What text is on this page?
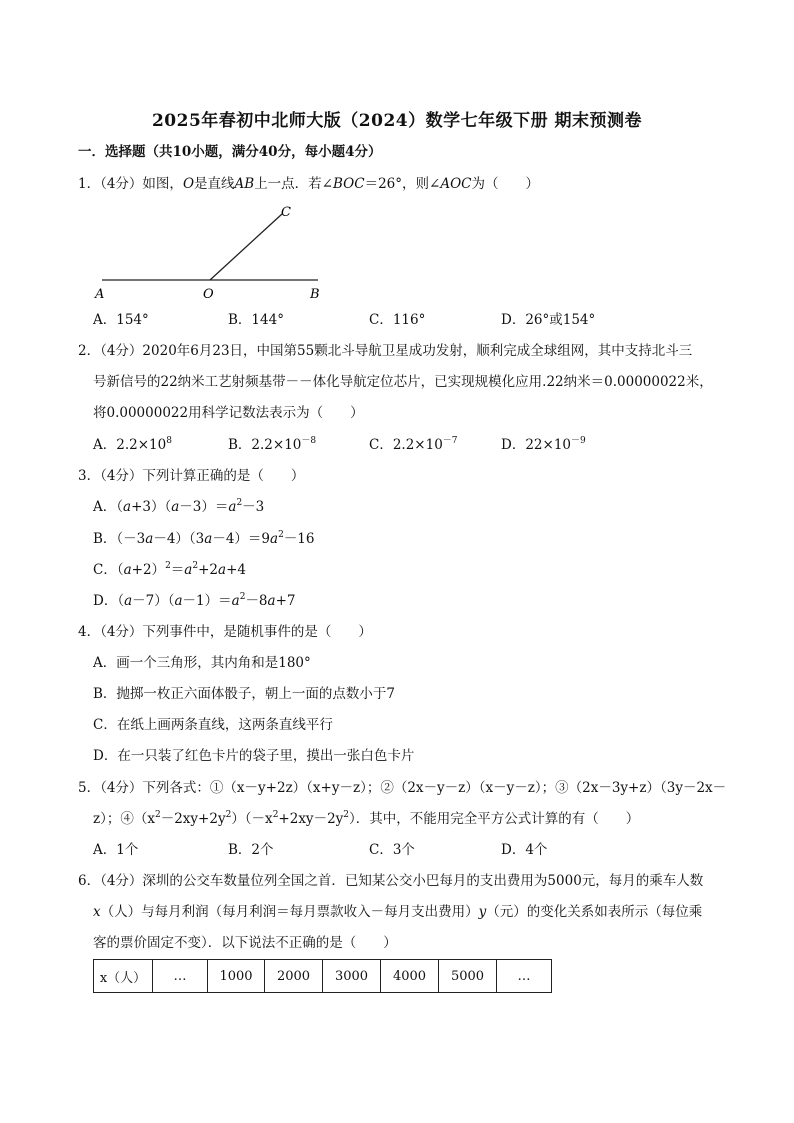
2025年春初中北师大版（2024）数学七年级下册 期末预测卷
一．选择题（共10小题，满分40分，每小题4分）
1．（4分）如图，O是直线AB上一点．若∠BOC＝26°，则∠AOC为（　　）
A	O	B
C
A．154°	B．144°	C．116°	D．26°或154°
2．（4分）2020年6月23日，中国第55颗北斗导航卫星成功发射，顺利完成全球组网，其中支持北斗三
号新信号的22纳米工艺射频基带－－体化导航定位芯片，已实现规模化应用.22纳米＝0.00000022米，
将0.00000022用科学记数法表示为（　　）
A．$2.2\times 10^8$	B．$2.2\times 10^{-8}$	C．$2.2\times 10^{-7}$	D．$22\times 10^{-9}$
3．（4分）下列计算正确的是（　　）
A．$(a+3)(a-3)=a^2-3$
B．$(-3a-4)(3a-4)=9a^2-16$
C．$(a+2)^2=a^2+2a+4$
D．$(a-7)(a-1)=a^2-8a+7$
4．（4分）下列事件中，是随机事件的是（　　）
A．画一个三角形，其内角和是180°
B．抛掷一枚正六面体骰子，朝上一面的点数小于7
C．在纸上画两条直线，这两条直线平行
D．在一只装了红色卡片的袋子里，摸出一张白色卡片
5．（4分）下列各式：①（x－y+2z）（x+y－z）；②（2x－y－z）（x－y－z）；③（2x－3y+z）（3y－2x－
z）；$④(x^2-2xy+2y^2)(-x^2+2xy-2y^2)$．其中，不能用完全平方公式计算的有（　　）
A．1个	B．2个	C．3个	D．4个
6．（4分）深圳的公交车数量位列全国之首．已知某公交小巴每月的支出费用为5000元，每月的乘车人数
x（人）与每月利润（每月利润＝每月票款收入－每月支出费用）y（元）的变化关系如表所示（每位乘
客的票价固定不变）．以下说法不正确的是（　　）
x（人）	…	1000	2000	3000	4000	5000	…
